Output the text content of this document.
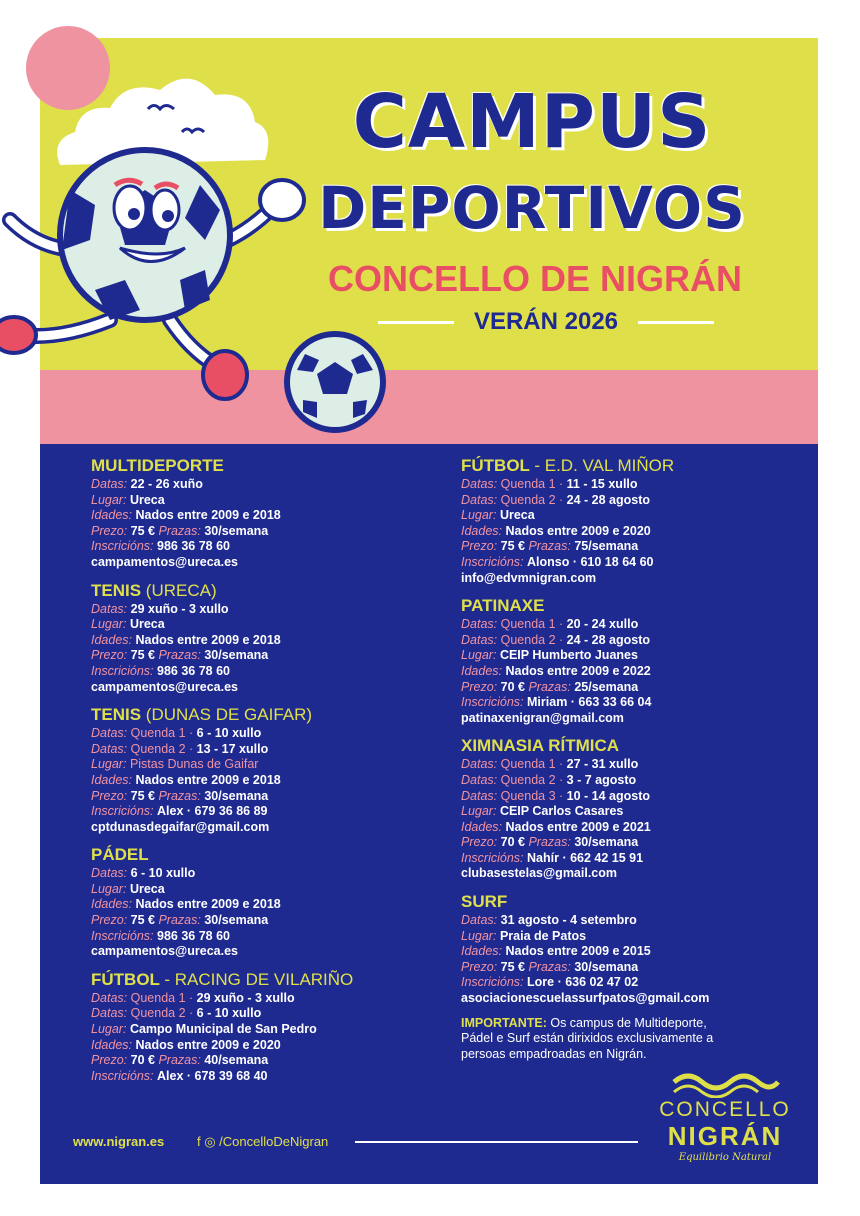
CAMPUS
DEPORTIVOS
CONCELLO DE NIGRÁN
VERÁN 2026
MULTIDEPORTE
Datas: 22 - 26 xuño
Lugar: Ureca
Idades: Nados entre 2009 e 2018
Prezo: 75 € Prazas: 30/semana
Inscricións: 986 36 78 60
campamentos@ureca.es
TENIS (URECA)
Datas: 29 xuño - 3 xullo
Lugar: Ureca
Idades: Nados entre 2009 e 2018
Prezo: 75 € Prazas: 30/semana
Inscricións: 986 36 78 60
campamentos@ureca.es
TENIS (DUNAS DE GAIFAR)
Datas: Quenda 1 · 6 - 10 xullo
Datas: Quenda 2 · 13 - 17 xullo
Lugar: Pistas Dunas de Gaifar
Idades: Nados entre 2009 e 2018
Prezo: 75 € Prazas: 30/semana
Inscricións: Alex · 679 36 86 89
cptdunasdegaifar@gmail.com
PÁDEL
Datas: 6 - 10 xullo
Lugar: Ureca
Idades: Nados entre 2009 e 2018
Prezo: 75 € Prazas: 30/semana
Inscricións: 986 36 78 60
campamentos@ureca.es
FÚTBOL - RACING DE VILARIÑO
Datas: Quenda 1 · 29 xuño - 3 xullo
Datas: Quenda 2 · 6 - 10 xullo
Lugar: Campo Municipal de San Pedro
Idades: Nados entre 2009 e 2020
Prezo: 70 € Prazas: 40/semana
Inscricións: Alex · 678 39 68 40
FÚTBOL - E.D. VAL MIÑOR
Datas: Quenda 1 · 11 - 15 xullo
Datas: Quenda 2 · 24 - 28 agosto
Lugar: Ureca
Idades: Nados entre 2009 e 2020
Prezo: 75 € Prazas: 75/semana
Inscricións: Alonso · 610 18 64 60
info@edvmnigran.com
PATINAXE
Datas: Quenda 1 · 20 - 24 xullo
Datas: Quenda 2 · 24 - 28 agosto
Lugar: CEIP Humberto Juanes
Idades: Nados entre 2009 e 2022
Prezo: 70 € Prazas: 25/semana
Inscricións: Miriam · 663 33 66 04
patinaxenigran@gmail.com
XIMNASIA RÍTMICA
Datas: Quenda 1 · 27 - 31 xullo
Datas: Quenda 2 · 3 - 7 agosto
Datas: Quenda 3 · 10 - 14 agosto
Lugar: CEIP Carlos Casares
Idades: Nados entre 2009 e 2021
Prezo: 70 € Prazas: 30/semana
Inscricións: Nahír · 662 42 15 91
clubasestelas@gmail.com
SURF
Datas: 31 agosto - 4 setembro
Lugar: Praia de Patos
Idades: Nados entre 2009 e 2015
Prezo: 75 € Prazas: 30/semana
Inscricións: Lore · 636 02 47 02
asociacionescuelassurfpatos@gmail.com
IMPORTANTE: Os campus de Multideporte, Pádel e Surf están dirixidos exclusivamente a persoas empadroadas en Nigrán.
www.nigran.es	f ◎ /ConcelloDeNigran
CONCELLO
NIGRÁN
Equilibrio Natural
